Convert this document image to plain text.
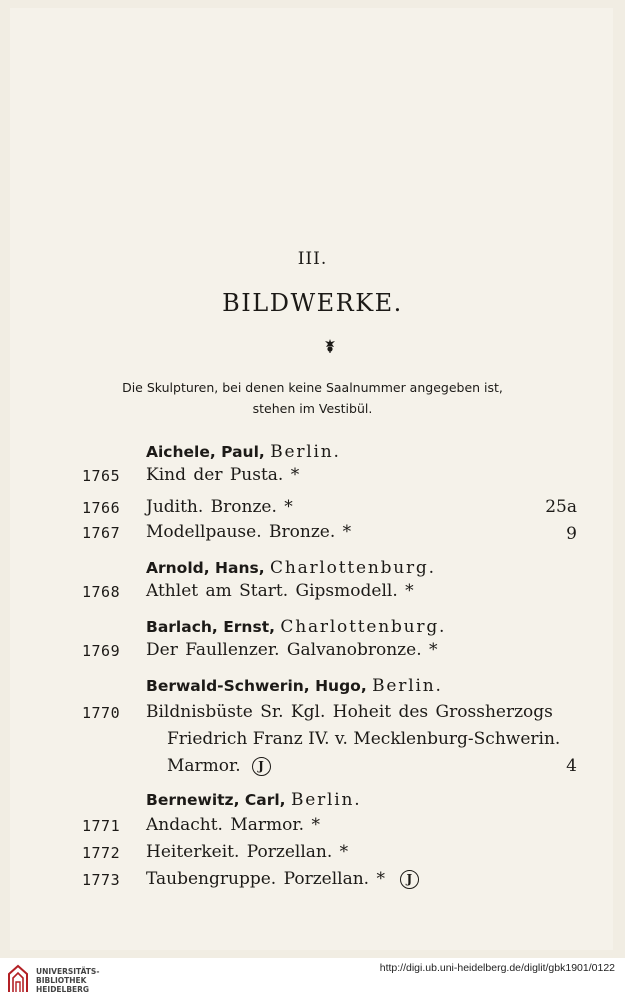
III.
BILDWERKE.
Die Skulpturen, bei denen keine Saalnummer angegeben ist,
stehen im Vestibül.
Aichele, Paul, Berlin.
1765 Kind der Pusta. *
1766 Judith. Bronze. *	25a
1767 Modellpause. Bronze. *	9
Arnold, Hans, Charlottenburg.
1768 Athlet am Start. Gipsmodell. *
Barlach, Ernst, Charlottenburg.
1769 Der Faullenzer. Galvanobronze. *
Berwald-Schwerin, Hugo, Berlin.
1770 Bildnisbüste Sr. Kgl. Hoheit des Grossherzogs
Friedrich Franz IV. v. Mecklenburg-Schwerin.
Marmor. J	4
Bernewitz, Carl, Berlin.
1771 Andacht. Marmor. *
1772 Heiterkeit. Porzellan. *
1773 Taubengruppe. Porzellan. * J
UNIVERSITÄTS-
BIBLIOTHEK
HEIDELBERG
http://digi.ub.uni-heidelberg.de/diglit/gbk1901/0122
